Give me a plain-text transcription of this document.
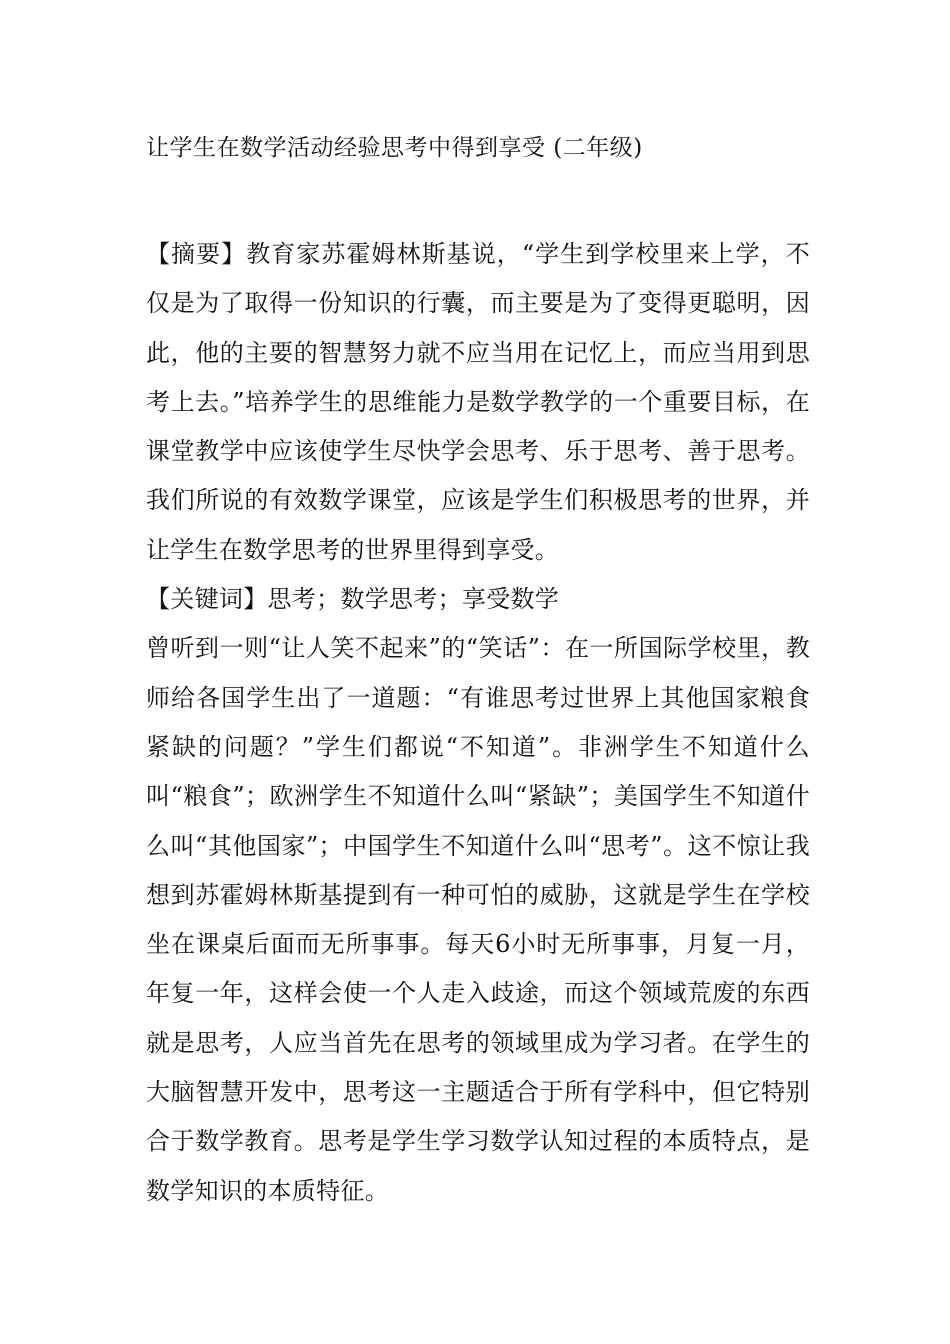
让学生在数学活动经验思考中得到享受 (二年级)

【摘要】教育家苏霍姆林斯基说，“学生到学校里来上学，不仅是为了取得一份知识的行囊，而主要是为了变得更聪明，因此，他的主要的智慧努力就不应当用在记忆上，而应当用到思考上去。”培养学生的思维能力是数学教学的一个重要目标，在课堂教学中应该使学生尽快学会思考、乐于思考、善于思考。我们所说的有效数学课堂，应该是学生们积极思考的世界，并让学生在数学思考的世界里得到享受。

【关键词】思考；数学思考；享受数学

曾听到一则“让人笑不起来”的“笑话”：在一所国际学校里，教师给各国学生出了一道题：“有谁思考过世界上其他国家粮食紧缺的问题？”学生们都说“不知道”。非洲学生不知道什么叫“粮食”；欧洲学生不知道什么叫“紧缺”；美国学生不知道什么叫“其他国家”；中国学生不知道什么叫“思考”。这不惊让我想到苏霍姆林斯基提到有一种可怕的威胁，这就是学生在学校坐在课桌后面而无所事事。每天6小时无所事事，月复一月，年复一年，这样会使一个人走入歧途，而这个领域荒废的东西就是思考，人应当首先在思考的领域里成为学习者。在学生的大脑智慧开发中，思考这一主题适合于所有学科中，但它特别合于数学教育。思考是学生学习数学认知过程的本质特点，是数学知识的本质特征。
